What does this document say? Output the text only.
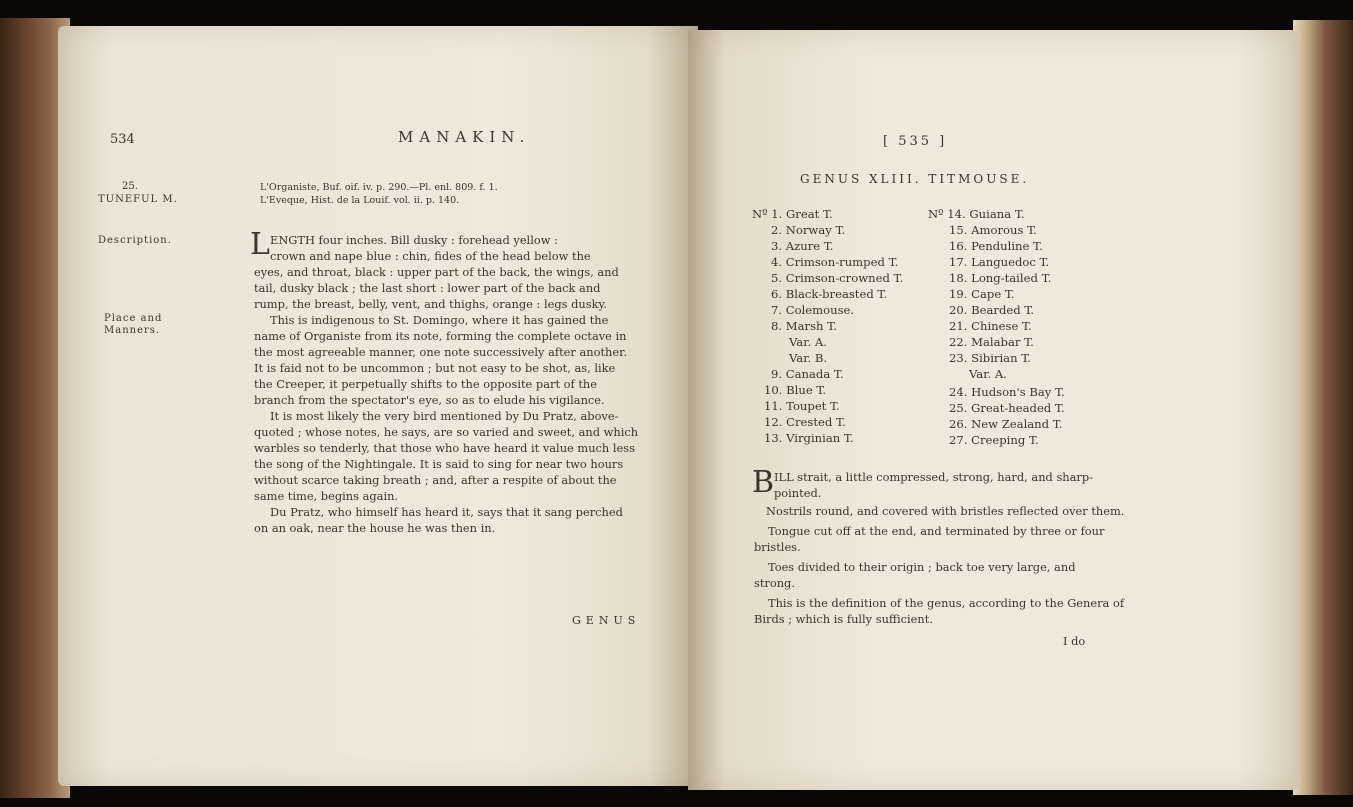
534	MANAKIN.
25.
TUNEFUL M.
L'Organiste, Buf. oif. iv. p. 290.—Pl. enl. 809. f. 1.
L'Eveque, Hist. de la Louif. vol. ii. p. 140.
Description.
Place and
Manners.
L ENGTH four inches. Bill dusky : forehead yellow :
crown and nape blue : chin, fides of the head below the
eyes, and throat, black : upper part of the back, the wings, and
tail, dusky black ; the last short : lower part of the back and
rump, the breast, belly, vent, and thighs, orange : legs dusky.
This is indigenous to St. Domingo, where it has gained the
name of Organiste from its note, forming the complete octave in
the most agreeable manner, one note successively after another.
It is faid not to be uncommon ; but not easy to be shot, as, like
the Creeper, it perpetually shifts to the opposite part of the
branch from the spectator's eye, so as to elude his vigilance.
It is most likely the very bird mentioned by Du Pratz, above-
quoted ; whose notes, he says, are so varied and sweet, and which
warbles so tenderly, that those who have heard it value much less
the song of the Nightingale. It is said to sing for near two hours
without scarce taking breath ; and, after a respite of about the
same time, begins again.
Du Pratz, who himself has heard it, says that it sang perched
on an oak, near the house he was then in.
GENUS
[ 535 ]
GENUS XLIII. TITMOUSE.
Nº 1. Great T.
2. Norway T.
3. Azure T.
4. Crimson-rumped T.
5. Crimson-crowned T.
6. Black-breasted T.
7. Colemouse.
8. Marsh T.
Var. A.
Var. B.
9. Canada T.
10. Blue T.
11. Toupet T.
12. Crested T.
13. Virginian T.
Nº 14. Guiana T.
15. Amorous T.
16. Penduline T.
17. Languedoc T.
18. Long-tailed T.
19. Cape T.
20. Bearded T.
21. Chinese T.
22. Malabar T.
23. Sibirian T.
Var. A.
24. Hudson's Bay T.
25. Great-headed T.
26. New Zealand T.
27. Creeping T.
B ILL strait, a little compressed, strong, hard, and sharp-
pointed.
Nostrils round, and covered with bristles reflected over them.
Tongue cut off at the end, and terminated by three or four
bristles.
Toes divided to their origin ; back toe very large, and
strong.
This is the definition of the genus, according to the Genera of
Birds ; which is fully sufficient.
I do
